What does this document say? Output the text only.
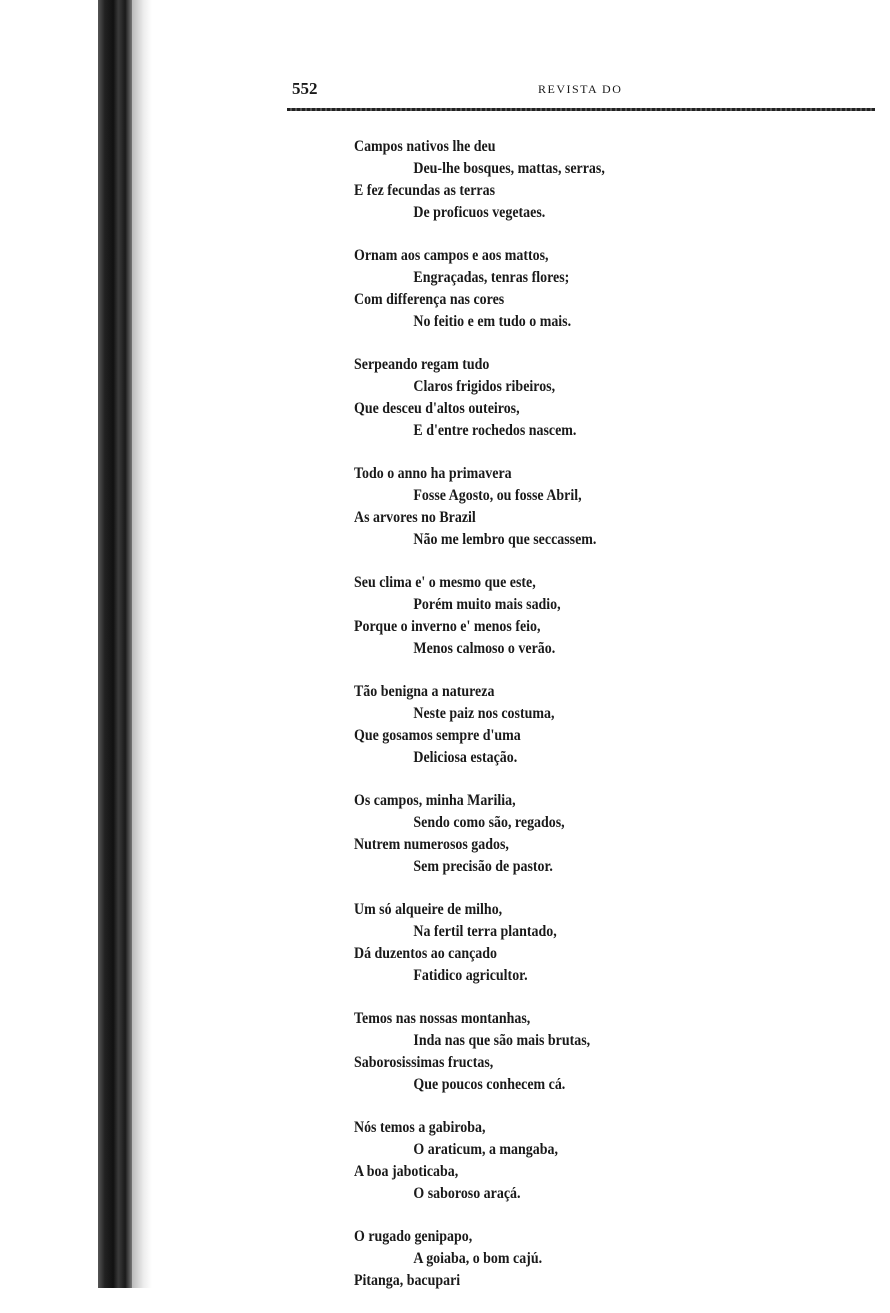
552	REVISTA DO
Campos nativos lhe deu
Deu-lhe bosques, mattas, serras,
E fez fecundas as terras
De proficuos vegetaes.
Ornam aos campos e aos mattos,
Engraçadas, tenras flores;
Com differença nas cores
No feitio e em tudo o mais.
Serpeando regam tudo
Claros frigidos ribeiros,
Que desceu d'altos outeiros,
E d'entre rochedos nascem.
Todo o anno ha primavera
Fosse Agosto, ou fosse Abril,
As arvores no Brazil
Não me lembro que seccassem.
Seu clima e' o mesmo que este,
Porém muito mais sadio,
Porque o inverno e' menos feio,
Menos calmoso o verão.
Tão benigna a natureza
Neste paiz nos costuma,
Que gosamos sempre d'uma
Deliciosa estação.
Os campos, minha Marilia,
Sendo como são, regados,
Nutrem numerosos gados,
Sem precisão de pastor.
Um só alqueire de milho,
Na fertil terra plantado,
Dá duzentos ao cançado
Fatidico agricultor.
Temos nas nossas montanhas,
Inda nas que são mais brutas,
Saborosissimas fructas,
Que poucos conhecem cá.
Nós temos a gabiroba,
O araticum, a mangaba,
A boa jaboticaba,
O saboroso araçá.
O rugado genipapo,
A goiaba, o bom cajú.
Pitanga, bacupari
